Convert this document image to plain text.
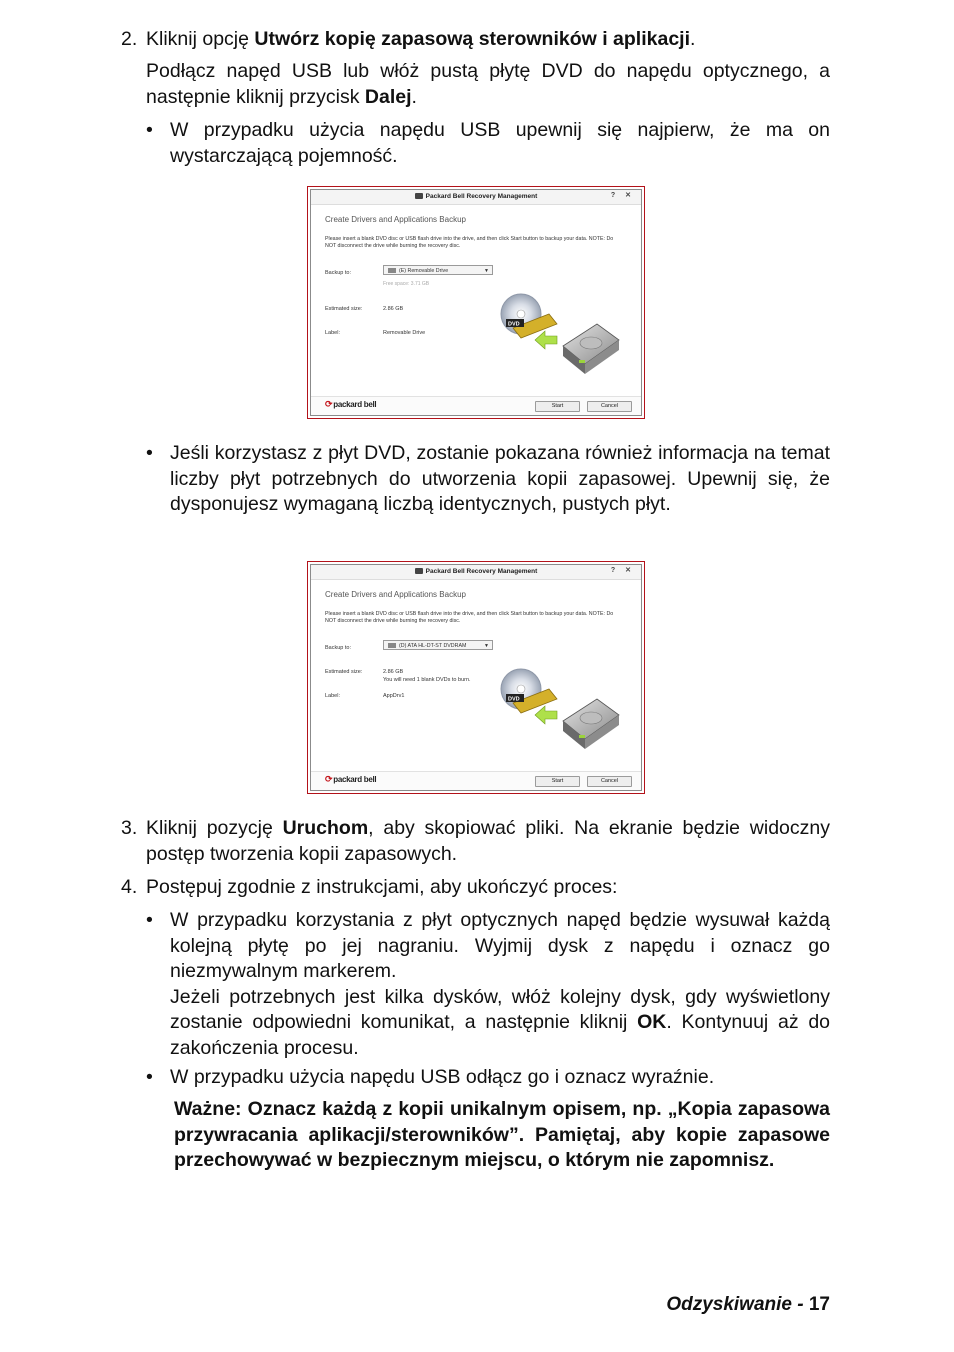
2. Kliknij opcję Utwórz kopię zapasową sterowników i aplikacji.
Podłącz napęd USB lub włóż pustą płytę DVD do napędu optycznego, a następnie kliknij przycisk Dalej.
• W przypadku użycia napędu USB upewnij się najpierw, że ma on wystarczającą pojemność.
Packard Bell Recovery Management	? ✕
Create Drivers and Applications Backup
Please insert a blank DVD disc or USB flash drive into the drive, and then click Start button to backup your data. NOTE: Do NOT disconnect the drive while burning the recovery disc.
Backup to:	(E) Removable Drive	▼
Free space: 3.71 GB
Estimated size:	2.86 GB
Label:	Removable Drive
DVD
⟳packard bell	Start	Cancel
• Jeśli korzystasz z płyt DVD, zostanie pokazana również informacja na temat liczby płyt potrzebnych do utworzenia kopii zapasowej. Upewnij się, że dysponujesz wymaganą liczbą identycznych, pustych płyt.
Packard Bell Recovery Management	? ✕
Create Drivers and Applications Backup
Please insert a blank DVD disc or USB flash drive into the drive, and then click Start button to backup your data. NOTE: Do NOT disconnect the drive while burning the recovery disc.
Backup to:	(D) ATA HL-DT-ST DVDRAM	▼
Estimated size:	2.86 GB
You will need 1 blank DVDs to burn.
Label:	AppDrv1
DVD
⟳packard bell	Start	Cancel
3. Kliknij pozycję Uruchom, aby skopiować pliki. Na ekranie będzie widoczny postęp tworzenia kopii zapasowych.
4. Postępuj zgodnie z instrukcjami, aby ukończyć proces:
• W przypadku korzystania z płyt optycznych napęd będzie wysuwał każdą kolejną płytę po jej nagraniu. Wyjmij dysk z napędu i oznacz go niezmywalnym markerem.
Jeżeli potrzebnych jest kilka dysków, włóż kolejny dysk, gdy wyświetlony zostanie odpowiedni komunikat, a następnie kliknij OK. Kontynuuj aż do zakończenia procesu.
• W przypadku użycia napędu USB odłącz go i oznacz wyraźnie.
Ważne: Oznacz każdą z kopii unikalnym opisem, np. „Kopia zapasowa przywracania aplikacji/sterowników”. Pamiętaj, aby kopie zapasowe przechowywać w bezpiecznym miejscu, o którym nie zapomnisz.
Odzyskiwanie - 17
